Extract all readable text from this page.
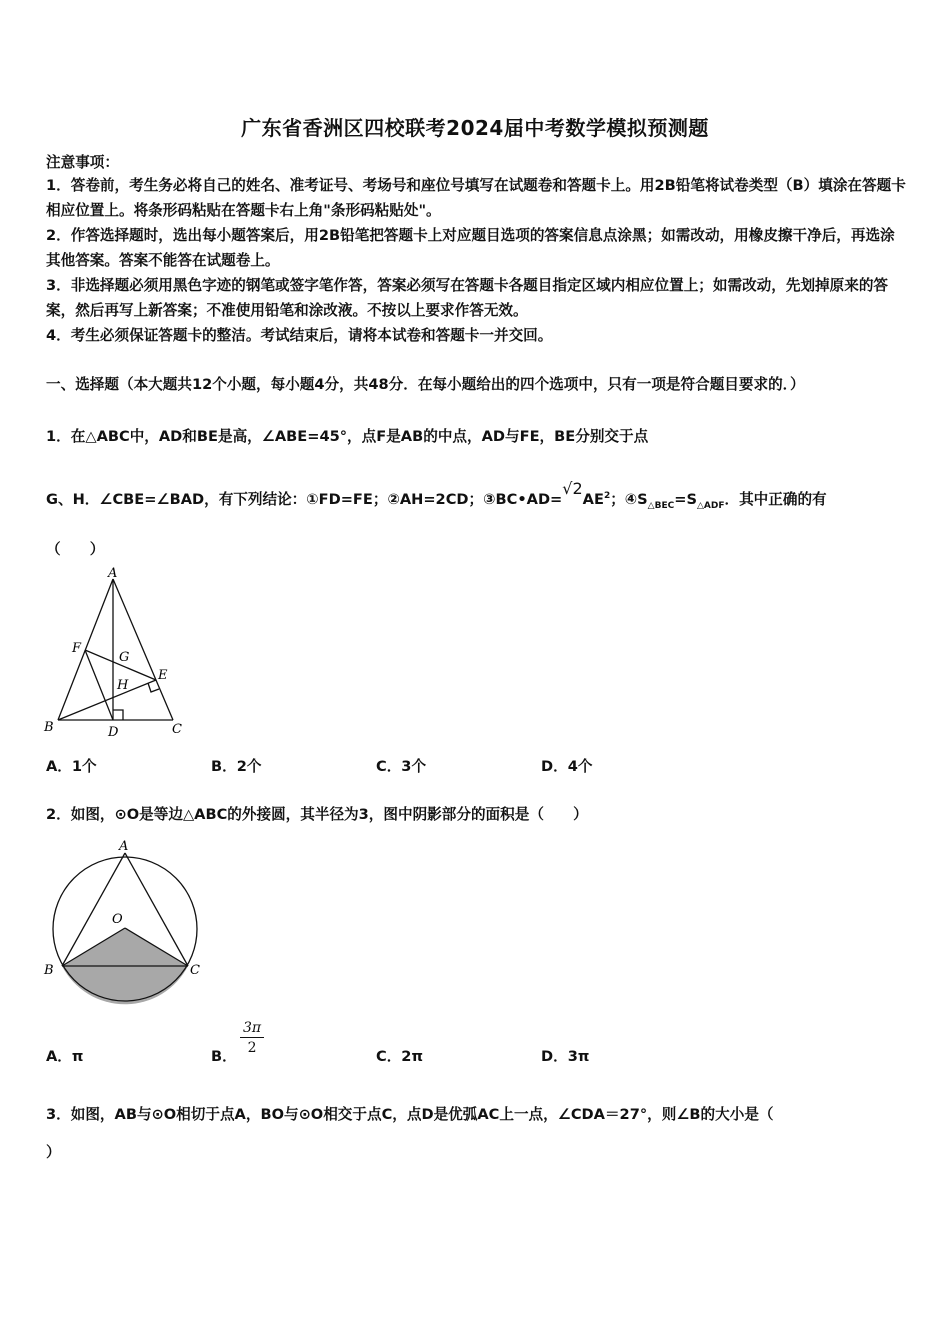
广东省香洲区四校联考2024届中考数学模拟预测题
注意事项：
1．答卷前，考生务必将自己的姓名、准考证号、考场号和座位号填写在试题卷和答题卡上。用2B铅笔将试卷类型（B）填涂在答题卡相应位置上。将条形码粘贴在答题卡右上角"条形码粘贴处"。
2．作答选择题时，选出每小题答案后，用2B铅笔把答题卡上对应题目选项的答案信息点涂黑；如需改动，用橡皮擦干净后，再选涂其他答案。答案不能答在试题卷上。
3．非选择题必须用黑色字迹的钢笔或签字笔作答，答案必须写在答题卡各题目指定区域内相应位置上；如需改动，先划掉原来的答案，然后再写上新答案；不准使用铅笔和涂改液。不按以上要求作答无效。
4．考生必须保证答题卡的整洁。考试结束后，请将本试卷和答题卡一并交回。
一、选择题（本大题共12个小题，每小题4分，共48分．在每小题给出的四个选项中，只有一项是符合题目要求的．）
1．在△ABC中，AD和BE是高，∠ABE=45°，点F是AB的中点，AD与FE，BE分别交于点
G、H．∠CBE=∠BAD，有下列结论：①FD=FE；②AH=2CD；$③BC•AD=√2AE^2$；$④S_{\triangle BEC}=S_{\triangle ADF}$．其中正确的有
（　　）
A
B	C
D
E
F
G
H
A．1个	B．2个	C．3个	D．4个
2．如图，⊙O是等边△ABC的外接圆，其半径为3，图中阴影部分的面积是（　　）
A
O
B	C
A．π	B．
$\frac{3\pi}{2}$
C．2π	D．3π
3．如图，AB与⊙O相切于点A，BO与⊙O相交于点C，点D是优弧AC上一点，∠CDA＝27°，则∠B的大小是（
）
